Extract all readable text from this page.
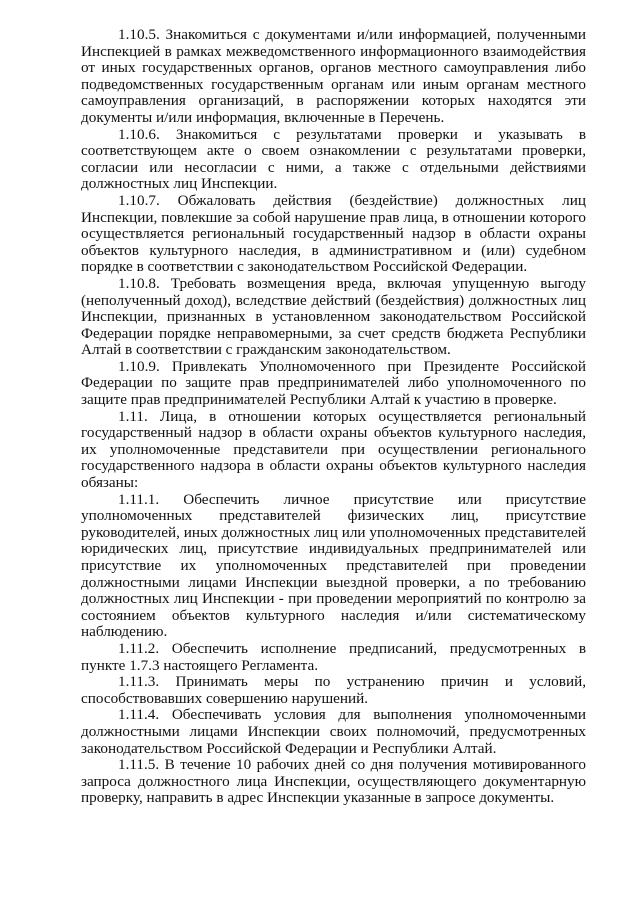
1.10.5. Знакомиться с документами и/или информацией, полученными Инспекцией в рамках межведомственного информационного взаимодействия от иных государственных органов, органов местного самоуправления либо подведомственных государственным органам или иным органам местного самоуправления организаций, в распоряжении которых находятся эти документы и/или информация, включенные в Перечень.

1.10.6. Знакомиться с результатами проверки и указывать в соответствующем акте о своем ознакомлении с результатами проверки, согласии или несогласии с ними, а также с отдельными действиями должностных лиц Инспекции.

1.10.7. Обжаловать действия (бездействие) должностных лиц Инспекции, повлекшие за собой нарушение прав лица, в отношении которого осуществляется региональный государственный надзор в области охраны объектов культурного наследия, в административном и (или) судебном порядке в соответствии с законодательством Российской Федерации.

1.10.8. Требовать возмещения вреда, включая упущенную выгоду (неполученный доход), вследствие действий (бездействия) должностных лиц Инспекции, признанных в установленном законодательством Российской Федерации порядке неправомерными, за счет средств бюджета Республики Алтай в соответствии с гражданским законодательством.

1.10.9. Привлекать Уполномоченного при Президенте Российской Федерации по защите прав предпринимателей либо уполномоченного по защите прав предпринимателей Республики Алтай к участию в проверке.

1.11. Лица, в отношении которых осуществляется региональный государственный надзор в области охраны объектов культурного наследия, их уполномоченные представители при осуществлении регионального государственного надзора в области охраны объектов культурного наследия обязаны:

1.11.1. Обеспечить личное присутствие или присутствие уполномоченных представителей физических лиц, присутствие руководителей, иных должностных лиц или уполномоченных представителей юридических лиц, присутствие индивидуальных предпринимателей или присутствие их уполномоченных представителей при проведении должностными лицами Инспекции выездной проверки, а по требованию должностных лиц Инспекции - при проведении мероприятий по контролю за состоянием объектов культурного наследия и/или систематическому наблюдению.

1.11.2. Обеспечить исполнение предписаний, предусмотренных в пункте 1.7.3 настоящего Регламента.

1.11.3. Принимать меры по устранению причин и условий, способствовавших совершению нарушений.

1.11.4. Обеспечивать условия для выполнения уполномоченными должностными лицами Инспекции своих полномочий, предусмотренных законодательством Российской Федерации и Республики Алтай.

1.11.5. В течение 10 рабочих дней со дня получения мотивированного запроса должностного лица Инспекции, осуществляющего документарную проверку, направить в адрес Инспекции указанные в запросе документы.
